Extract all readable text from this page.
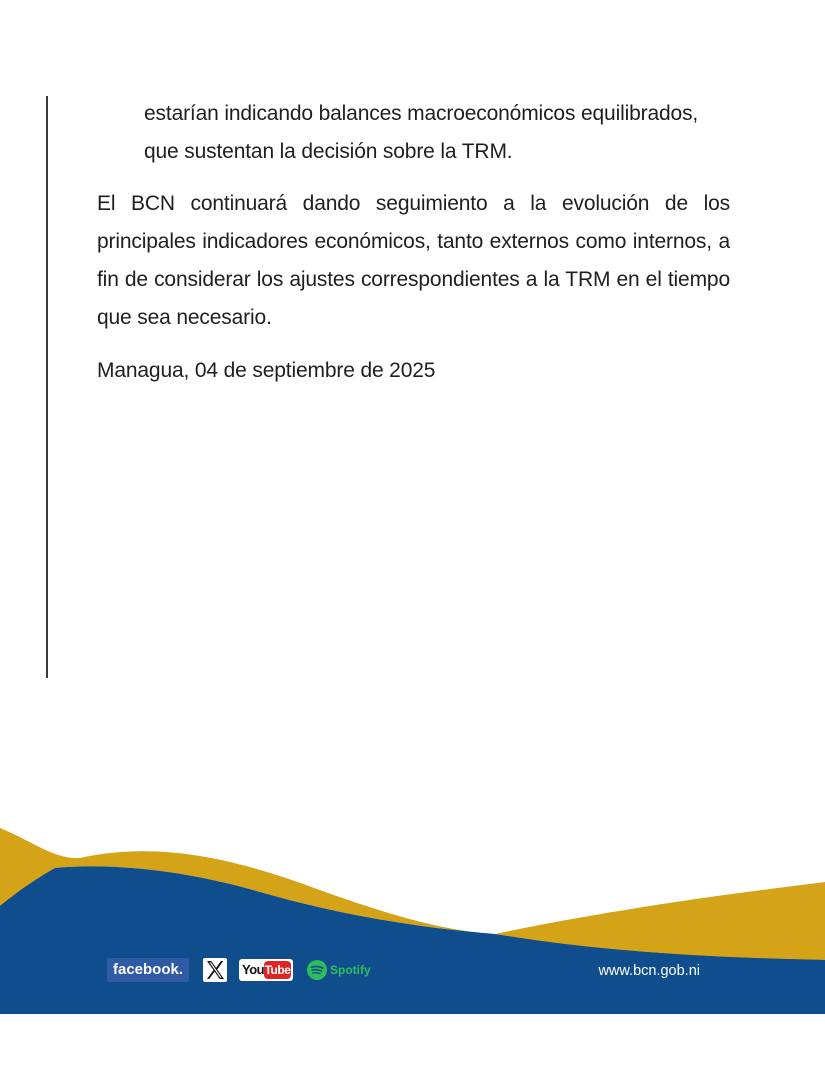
estarían indicando balances macroeconómicos equilibrados,

que sustentan la decisión sobre la TRM.

El BCN continuará dando seguimiento a la evolución de los principales indicadores económicos, tanto externos como internos, a fin de considerar los ajustes correspondientes a la TRM en el tiempo que sea necesario.

Managua, 04 de septiembre de 2025

facebook.	You Tube	Spotify	www.bcn.gob.ni
